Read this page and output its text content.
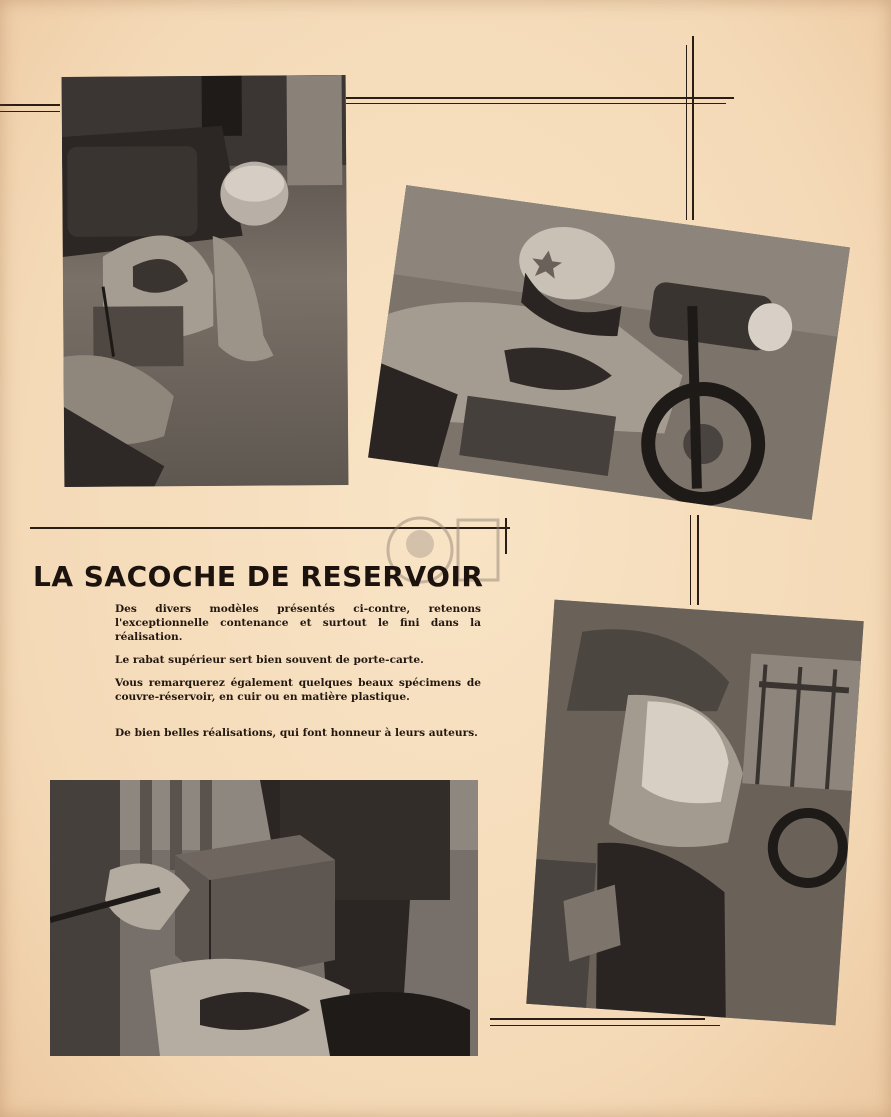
LA SACOCHE DE RESERVOIR

Des divers modèles présentés ci-contre, retenons l'exceptionnelle contenance et surtout le fini dans la réalisation.

Le rabat supérieur sert bien souvent de porte-carte.

Vous remarquerez également quelques beaux spécimens de couvre-réservoir, en cuir ou en matière plastique.

De bien belles réalisations, qui font honneur à leurs auteurs.
